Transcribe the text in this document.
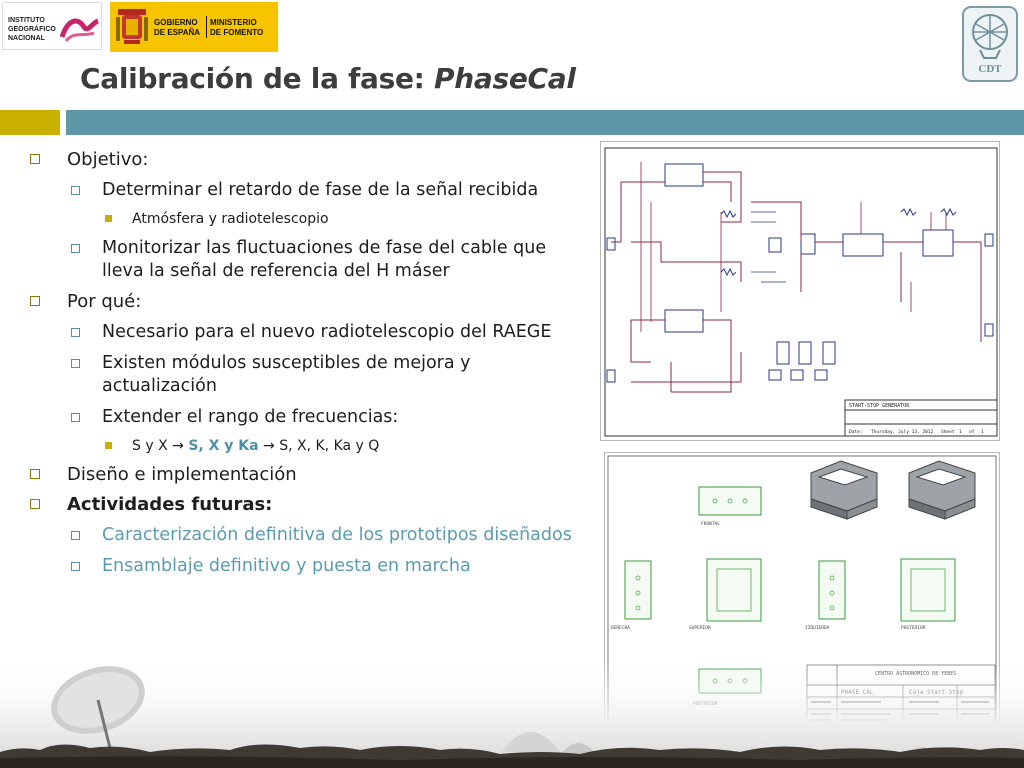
INSTITUTO
GEOGRÁFICO
NACIONAL
GOBIERNO
DE ESPAÑA
MINISTERIO
DE FOMENTO
CDT
Calibración de la fase: PhaseCal
Objetivo:
Determinar el retardo de fase de la señal recibida
Atmósfera y radiotelescopio
Monitorizar las fluctuaciones de fase del cable que lleva la señal de referencia del H máser
Por qué:
Necesario para el nuevo radiotelescopio del RAEGE
Existen módulos susceptibles de mejora y actualización
Extender el rango de frecuencias:
S y X → S, X y Ka → S, X, K, Ka y Q
Diseño e implementación
Actividades futuras:
Caracterización definitiva de los prototipos diseñados
Ensamblaje definitivo y puesta en marcha
START-STOP GENERATOR
Date: Thursday, July 13, 2012 Sheet 1 of 1
FRONTAL
DERECHA	SUPERIOR	IZQUIERDA	POSTERIOR
